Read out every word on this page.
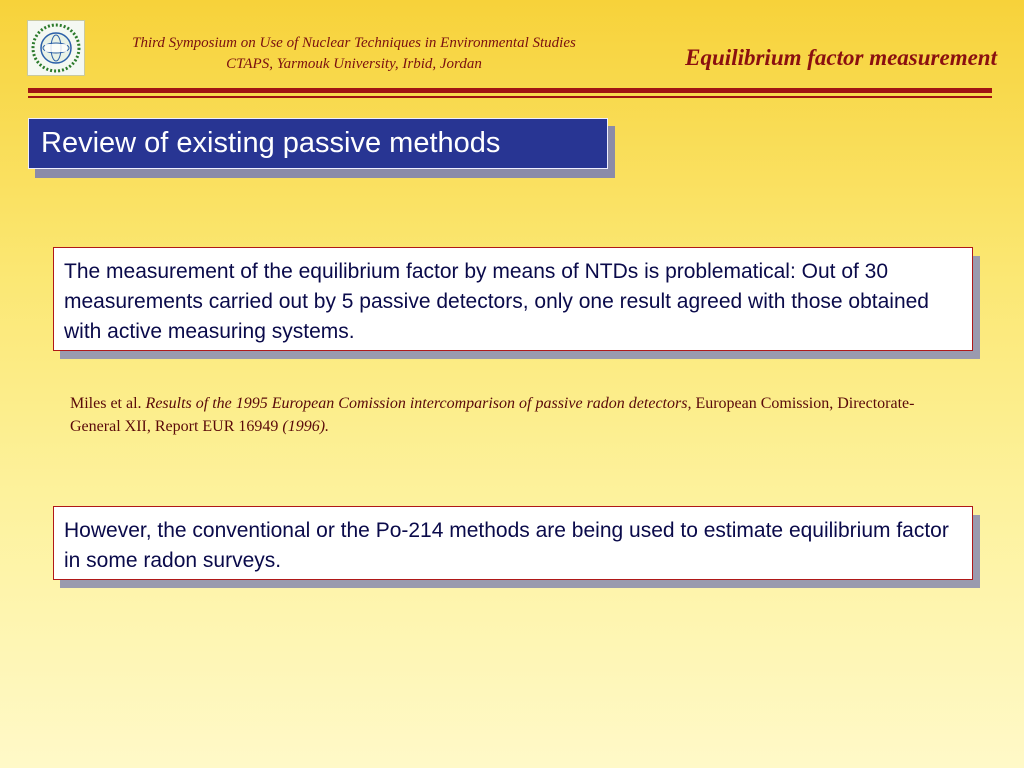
Third Symposium on Use of Nuclear Techniques in Environmental Studies
CTAPS, Yarmouk University, Irbid, Jordan	Equilibrium factor measurement
Review of existing passive methods
The measurement of the equilibrium factor by means of NTDs is problematical: Out of 30 measurements carried out by 5 passive detectors, only one result agreed with those obtained with active measuring systems.
Miles et al. Results of the 1995 European Comission intercomparison of passive radon detectors, European Comission, Directorate-General XII, Report EUR 16949 (1996).
However, the conventional or the Po-214 methods are being used to estimate equilibrium factor in some radon surveys.
